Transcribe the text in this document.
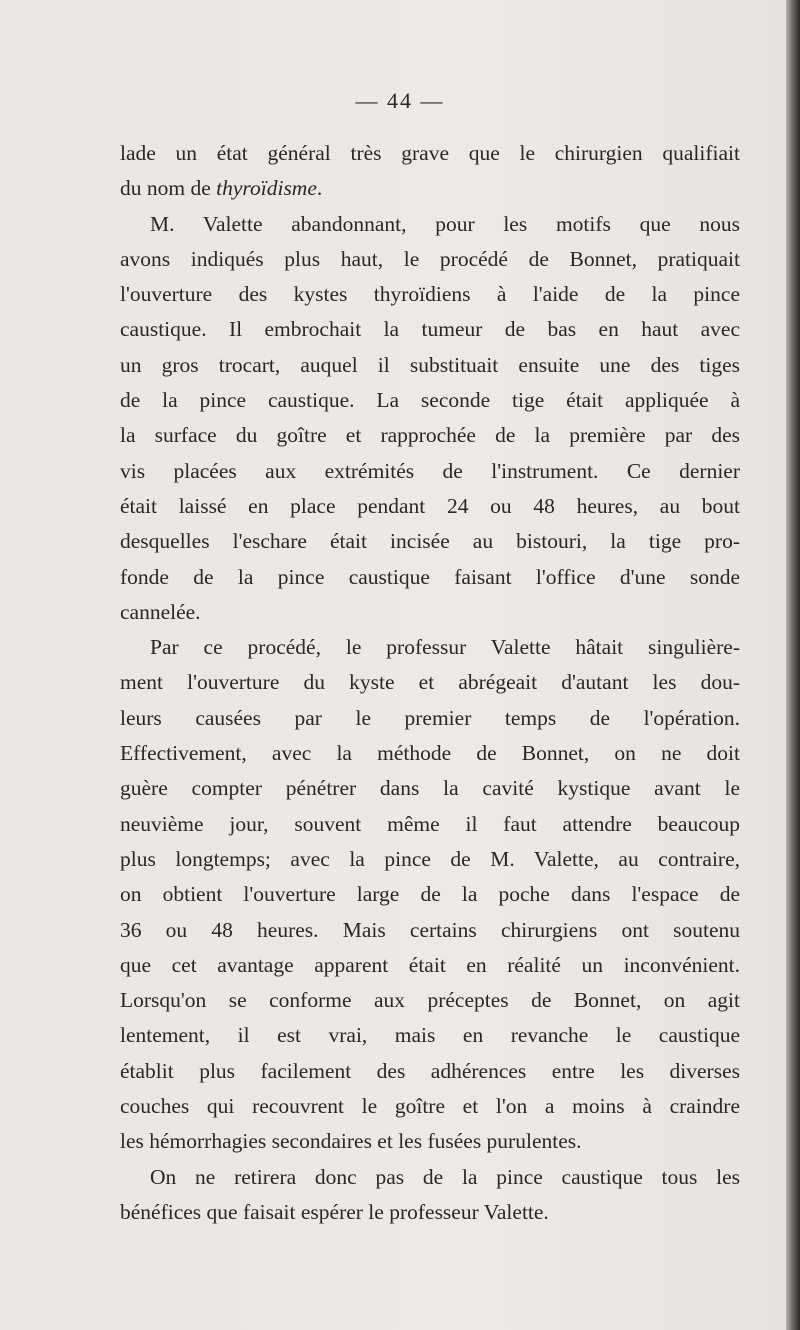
— 44 —
lade un état général très grave que le chirurgien qualifiait
du nom de thyroïdisme.
M. Valette abandonnant, pour les motifs que nous
avons indiqués plus haut, le procédé de Bonnet, pratiquait
l'ouverture des kystes thyroïdiens à l'aide de la pince
caustique. Il embrochait la tumeur de bas en haut avec
un gros trocart, auquel il substituait ensuite une des tiges
de la pince caustique. La seconde tige était appliquée à
la surface du goître et rapprochée de la première par des
vis placées aux extrémités de l'instrument. Ce dernier
était laissé en place pendant 24 ou 48 heures, au bout
desquelles l'eschare était incisée au bistouri, la tige pro-
fonde de la pince caustique faisant l'office d'une sonde
cannelée.
Par ce procédé, le professur Valette hâtait singulière-
ment l'ouverture du kyste et abrégeait d'autant les dou-
leurs causées par le premier temps de l'opération.
Effectivement, avec la méthode de Bonnet, on ne doit
guère compter pénétrer dans la cavité kystique avant le
neuvième jour, souvent même il faut attendre beaucoup
plus longtemps; avec la pince de M. Valette, au contraire,
on obtient l'ouverture large de la poche dans l'espace de
36 ou 48 heures. Mais certains chirurgiens ont soutenu
que cet avantage apparent était en réalité un inconvénient.
Lorsqu'on se conforme aux préceptes de Bonnet, on agit
lentement, il est vrai, mais en revanche le caustique
établit plus facilement des adhérences entre les diverses
couches qui recouvrent le goître et l'on a moins à craindre
les hémorrhagies secondaires et les fusées purulentes.
On ne retirera donc pas de la pince caustique tous les
bénéfices que faisait espérer le professeur Valette.
